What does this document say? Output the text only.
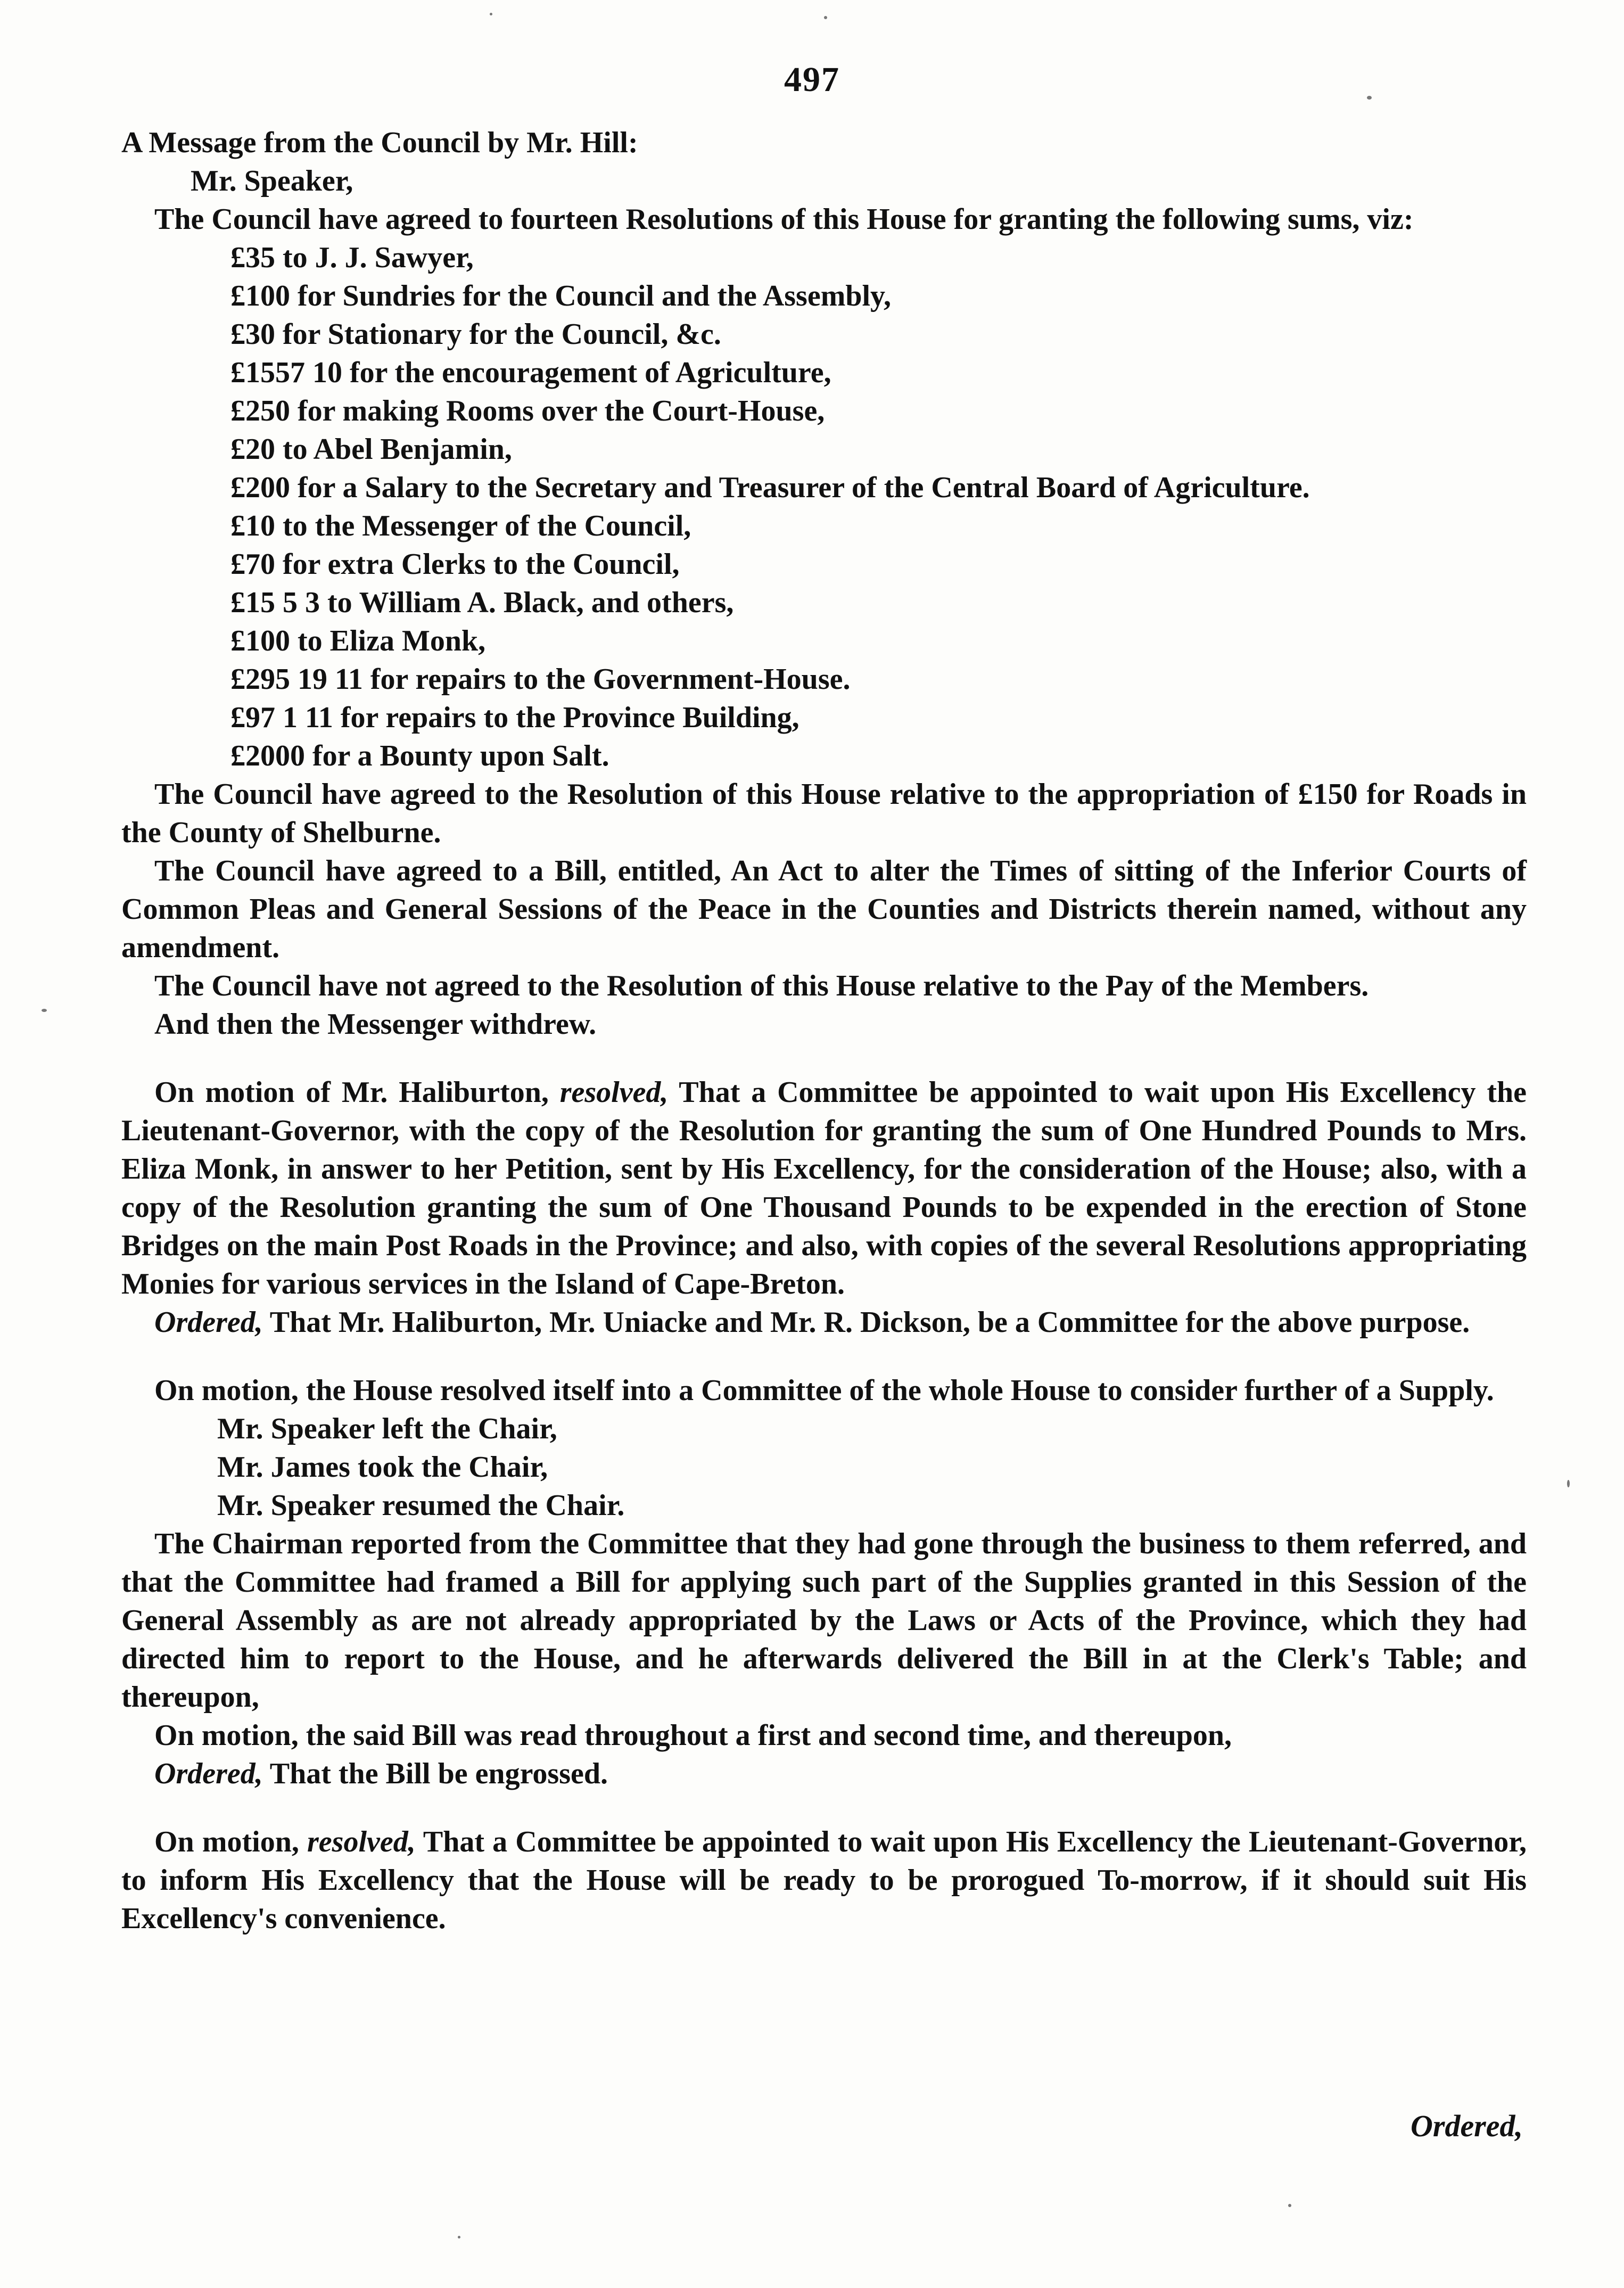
497

A Message from the Council by Mr. Hill:

Mr. Speaker,

The Council have agreed to fourteen Resolutions of this House for granting the following sums, viz:

£35 to J. J. Sawyer,
£100 for Sundries for the Council and the Assembly,
£30 for Stationary for the Council, &c.
£1557 10 for the encouragement of Agriculture,
£250 for making Rooms over the Court-House,
£20 to Abel Benjamin,
£200 for a Salary to the Secretary and Treasurer of the Central Board of Agriculture.
£10 to the Messenger of the Council,
£70 for extra Clerks to the Council,
£15 5 3 to William A. Black, and others,
£100 to Eliza Monk,
£295 19 11 for repairs to the Government-House.
£97 1 11 for repairs to the Province Building,
£2000 for a Bounty upon Salt.

The Council have agreed to the Resolution of this House relative to the appropriation of £150 for Roads in the County of Shelburne.

The Council have agreed to a Bill, entitled, An Act to alter the Times of sitting of the Inferior Courts of Common Pleas and General Sessions of the Peace in the Counties and Districts therein named, without any amendment.

The Council have not agreed to the Resolution of this House relative to the Pay of the Members.

And then the Messenger withdrew.

On motion of Mr. Haliburton, resolved, That a Committee be appointed to wait upon His Excellency the Lieutenant-Governor, with the copy of the Resolution for granting the sum of One Hundred Pounds to Mrs. Eliza Monk, in answer to her Petition, sent by His Excellency, for the consideration of the House; also, with a copy of the Resolution granting the sum of One Thousand Pounds to be expended in the erection of Stone Bridges on the main Post Roads in the Province; and also, with copies of the several Resolutions appropriating Monies for various services in the Island of Cape-Breton.

Ordered, That Mr. Haliburton, Mr. Uniacke and Mr. R. Dickson, be a Committee for the above purpose.

On motion, the House resolved itself into a Committee of the whole House to consider further of a Supply.

Mr. Speaker left the Chair,

Mr. James took the Chair,

Mr. Speaker resumed the Chair.

The Chairman reported from the Committee that they had gone through the business to them referred, and that the Committee had framed a Bill for applying such part of the Supplies granted in this Session of the General Assembly as are not already appropriated by the Laws or Acts of the Province, which they had directed him to report to the House, and he afterwards delivered the Bill in at the Clerk's Table; and thereupon,

On motion, the said Bill was read throughout a first and second time, and thereupon,

Ordered, That the Bill be engrossed.

On motion, resolved, That a Committee be appointed to wait upon His Excellency the Lieutenant-Governor, to inform His Excellency that the House will be ready to be prorogued To-morrow, if it should suit His Excellency's convenience.

Ordered,
